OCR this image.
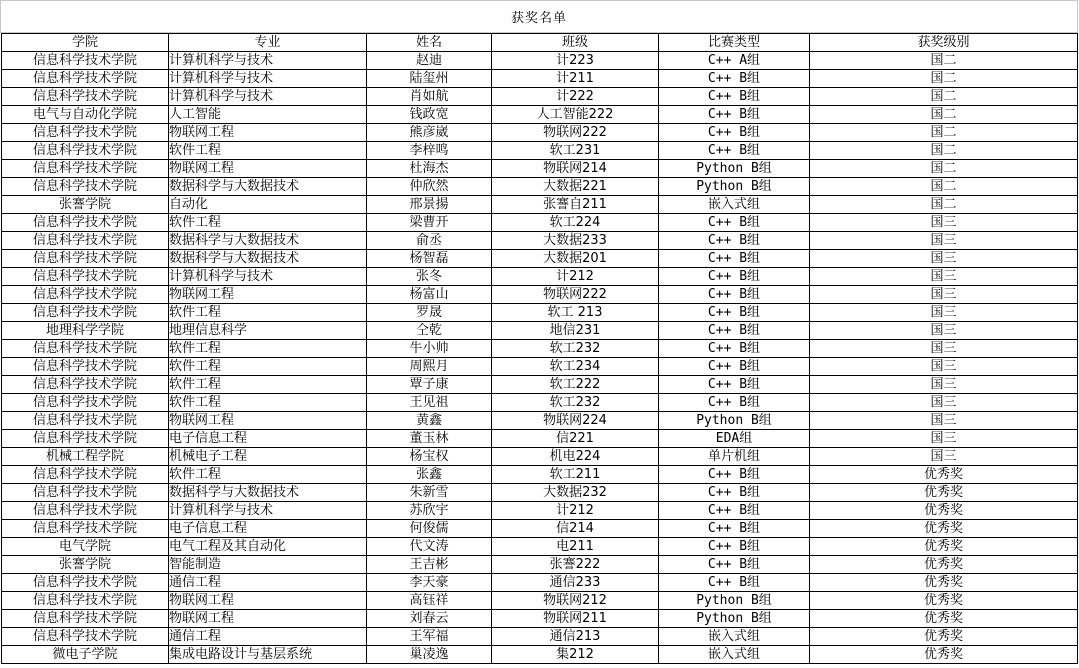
获奖名单
学院	专业	姓名	班级	比赛类型	获奖级别
信息科学技术学院	计算机科学与技术	赵迪	计223	C++ A组	国二
信息科学技术学院	计算机科学与技术	陆玺州	计211	C++ B组	国二
信息科学技术学院	计算机科学与技术	肖如航	计222	C++ B组	国二
电气与自动化学院	人工智能	钱政宽	人工智能222	C++ B组	国二
信息科学技术学院	物联网工程	熊彦崴	物联网222	C++ B组	国二
信息科学技术学院	软件工程	李梓鸣	软工231	C++ B组	国二
信息科学技术学院	物联网工程	杜海杰	物联网214	Python B组	国二
信息科学技术学院	数据科学与大数据技术	仲欣然	大数据221	Python B组	国二
张謇学院	自动化	邢景揚	张謇自211	嵌入式组	国二
信息科学技术学院	软件工程	梁曹开	软工224	C++ B组	国三
信息科学技术学院	数据科学与大数据技术	俞丞	大数据233	C++ B组	国三
信息科学技术学院	数据科学与大数据技术	杨智磊	大数据201	C++ B组	国三
信息科学技术学院	计算机科学与技术	张冬	计212	C++ B组	国三
信息科学技术学院	物联网工程	杨富山	物联网222	C++ B组	国三
信息科学技术学院	软件工程	罗晟	软工 213	C++ B组	国三
地理科学学院	地理信息科学	仝乾	地信231	C++ B组	国三
信息科学技术学院	软件工程	牛小帅	软工232	C++ B组	国三
信息科学技术学院	软件工程	周熙月	软工234	C++ B组	国三
信息科学技术学院	软件工程	覃子康	软工222	C++ B组	国三
信息科学技术学院	软件工程	王见祖	软工232	C++ B组	国三
信息科学技术学院	物联网工程	黄鑫	物联网224	Python B组	国三
信息科学技术学院	电子信息工程	董玉林	信221	EDA组	国三
机械工程学院	机械电子工程	杨宝权	机电224	单片机组	国三
信息科学技术学院	软件工程	张鑫	软工211	C++ B组	优秀奖
信息科学技术学院	数据科学与大数据技术	朱新雪	大数据232	C++ B组	优秀奖
信息科学技术学院	计算机科学与技术	苏欣宇	计212	C++ B组	优秀奖
信息科学技术学院	电子信息工程	何俊儒	信214	C++ B组	优秀奖
电气学院	电气工程及其自动化	代文涛	电211	C++ B组	优秀奖
张謇学院	智能制造	王吉彬	张謇222	C++ B组	优秀奖
信息科学技术学院	通信工程	李天豪	通信233	C++ B组	优秀奖
信息科学技术学院	物联网工程	高钰祥	物联网212	Python B组	优秀奖
信息科学技术学院	物联网工程	刘春云	物联网211	Python B组	优秀奖
信息科学技术学院	通信工程	王军福	通信213	嵌入式组	优秀奖
微电子学院	集成电路设计与基层系统	巢凌逸	集212	嵌入式组	优秀奖
